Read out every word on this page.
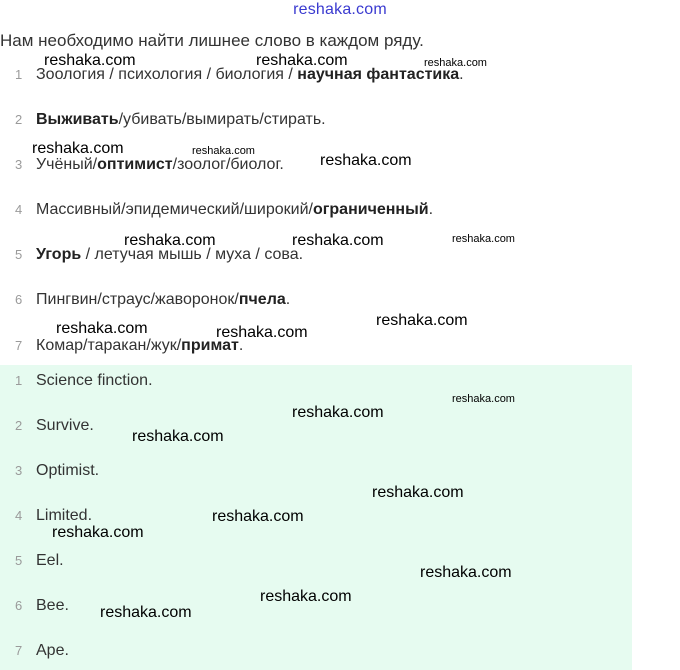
reshaka.com
Нам необходимо найти лишнее слово в каждом ряду.
1 Зоология / психология / биология / научная фантастика.
2 Выживать/убивать/вымирать/стирать.
3 Учёный/оптимист/зоолог/биолог.
4 Массивный/эпидемический/широкий/ограниченный.
5 Угорь / летучая мышь / муха / сова.
6 Пингвин/страус/жаворонок/пчела.
7 Комар/таракан/жук/примат.
1 Science finction.
2 Survive.
3 Optimist.
4 Limited.
5 Eel.
6 Bee.
7 Ape.
reshaka.com	reshaka.com	reshaka.com
reshaka.com	reshaka.com
reshaka.com
reshaka.com	reshaka.com	reshaka.com
reshaka.com
reshaka.com	reshaka.com
reshaka.com
reshaka.com
reshaka.com
reshaka.com
reshaka.com
reshaka.com
reshaka.com
reshaka.com
reshaka.com
